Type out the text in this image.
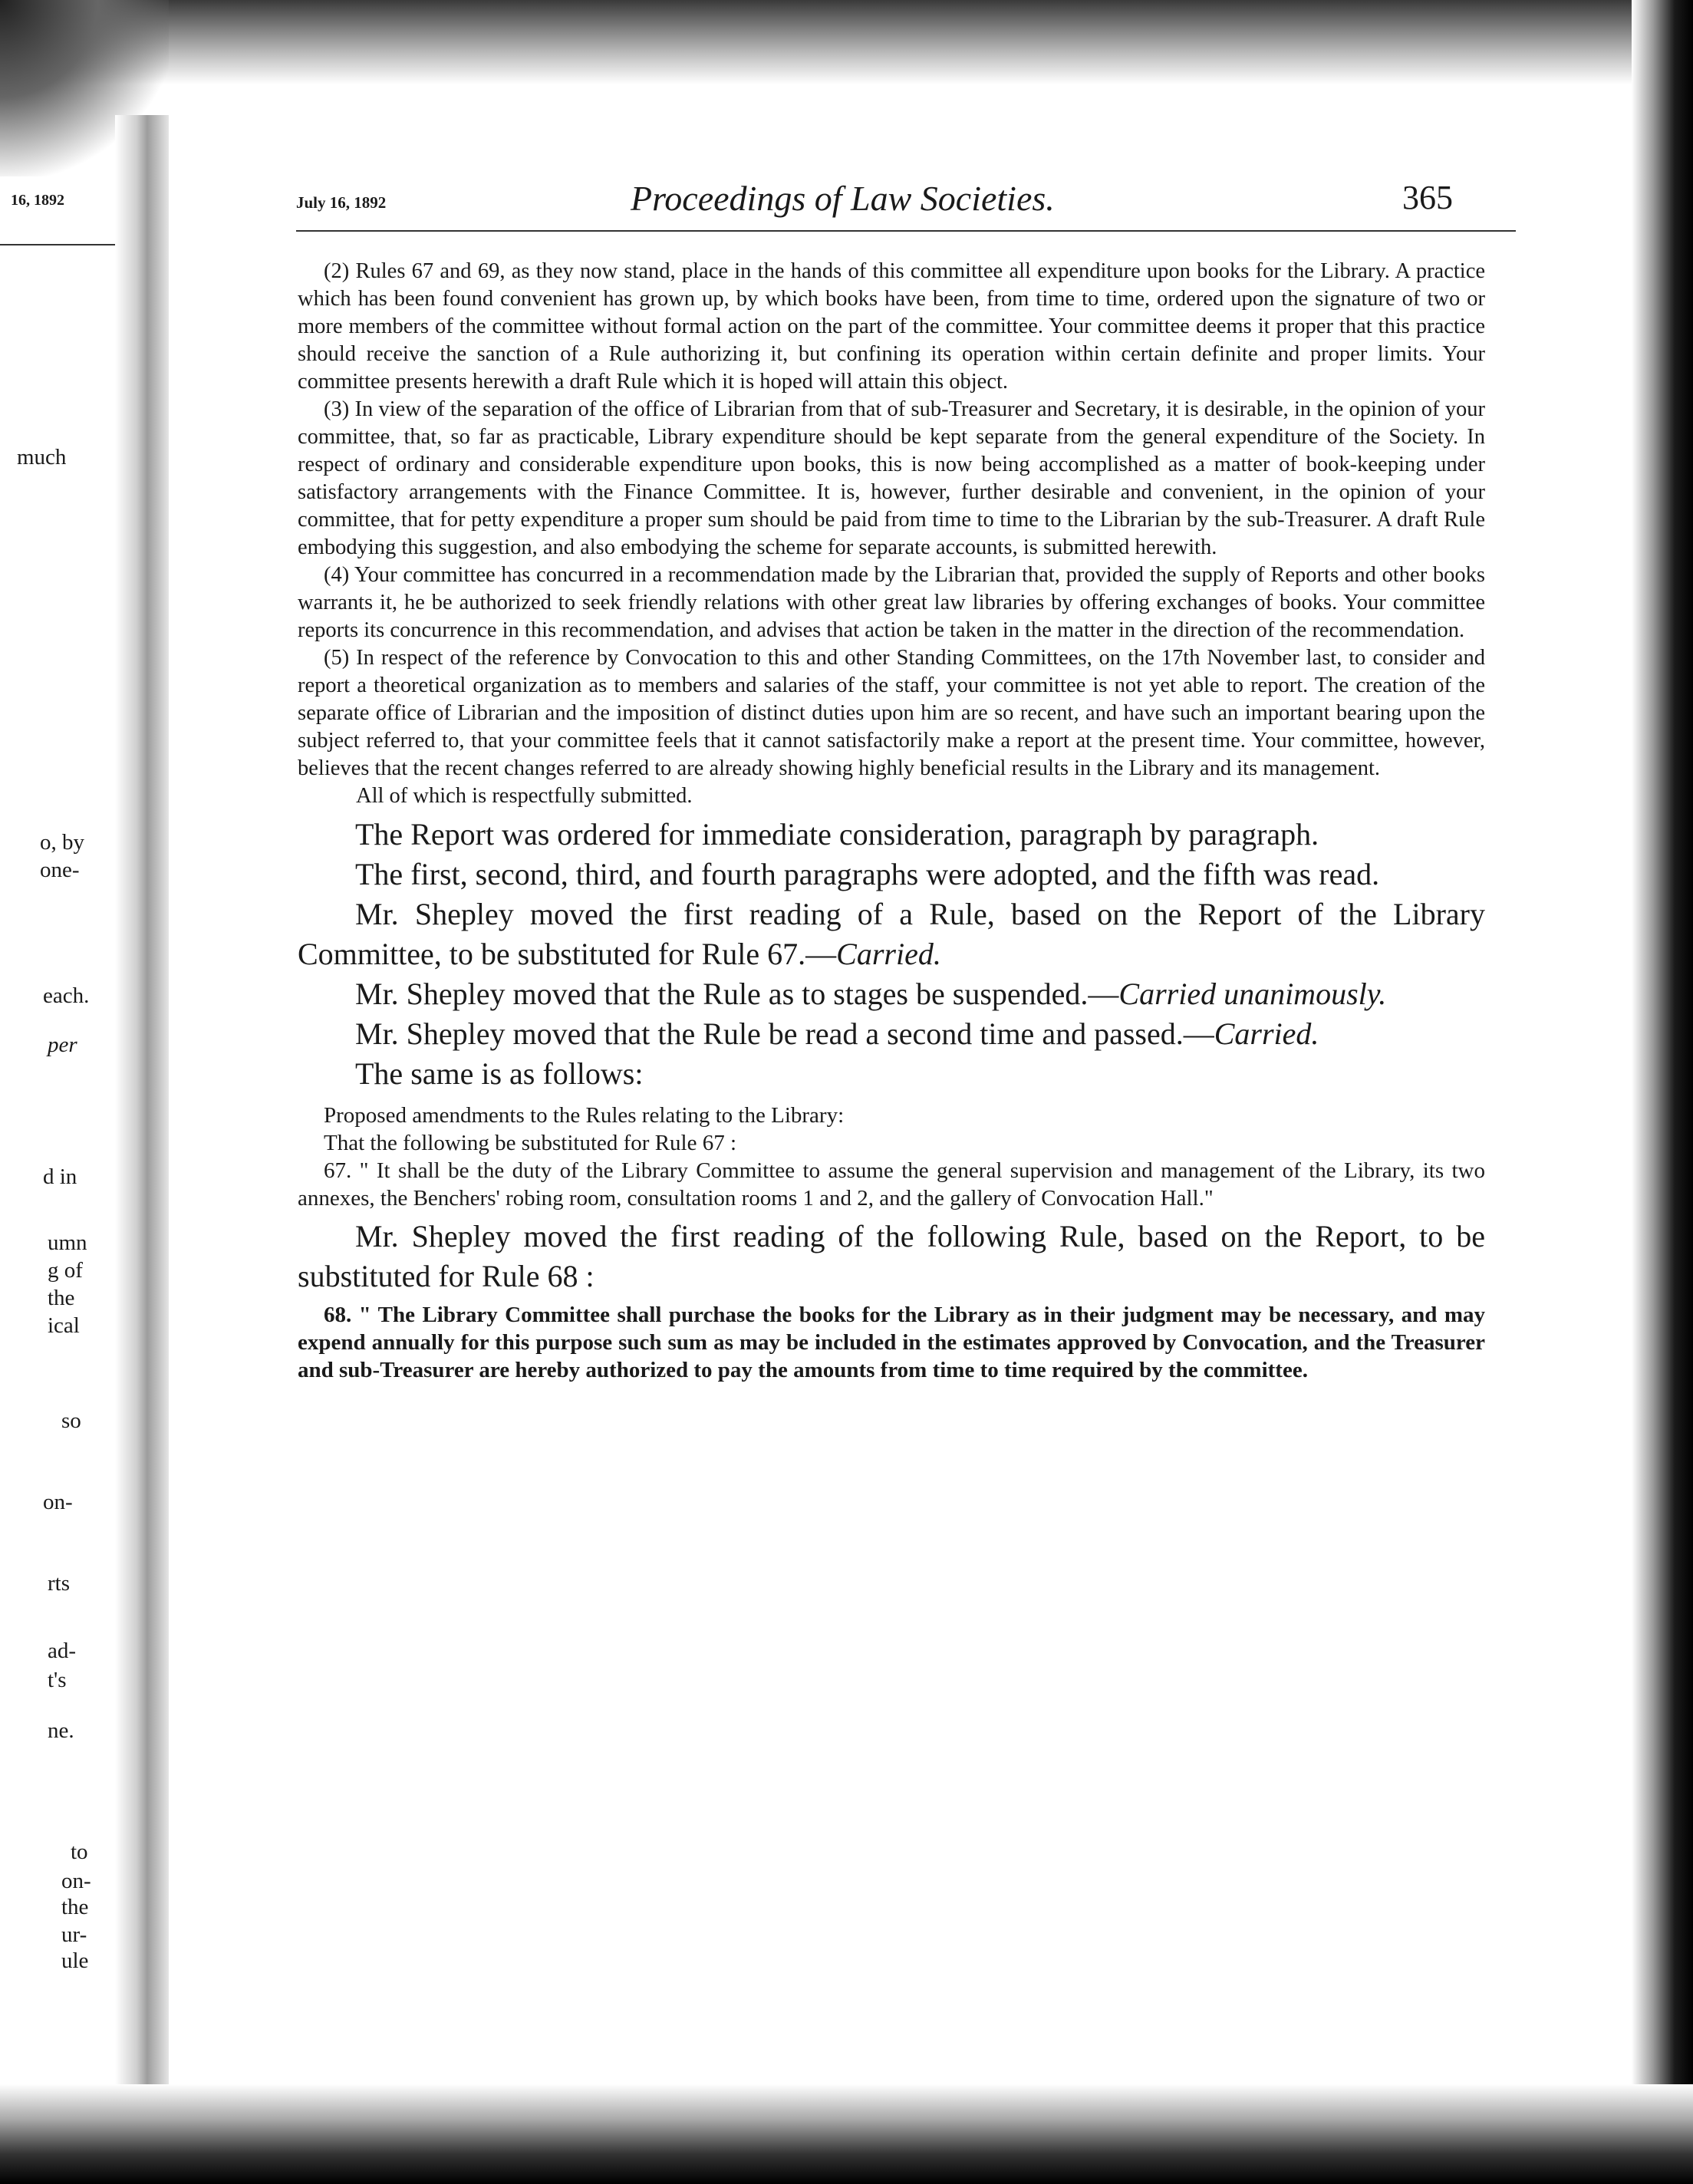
16, 1892
much
o, by
one-
each.
per
d in
umn
g of
the
ical
so
on-
rts
ad-
t's
ne.
to
on-
the
ur-
ule
July 16, 1892	Proceedings of Law Societies.	365

(2) Rules 67 and 69, as they now stand, place in the hands of this committee all expenditure upon books for the Library. A practice which has been found convenient has grown up, by which books have been, from time to time, ordered upon the signature of two or more members of the committee without formal action on the part of the committee. Your committee deems it proper that this practice should receive the sanction of a Rule authorizing it, but confining its operation within certain definite and proper limits. Your committee presents herewith a draft Rule which it is hoped will attain this object.

(3) In view of the separation of the office of Librarian from that of sub-Treasurer and Secretary, it is desirable, in the opinion of your committee, that, so far as practicable, Library expenditure should be kept separate from the general expenditure of the Society. In respect of ordinary and considerable expenditure upon books, this is now being accomplished as a matter of book-keeping under satisfactory arrangements with the Finance Committee. It is, however, further desirable and convenient, in the opinion of your committee, that for petty expenditure a proper sum should be paid from time to time to the Librarian by the sub-Treasurer. A draft Rule embodying this suggestion, and also embodying the scheme for separate accounts, is submitted herewith.

(4) Your committee has concurred in a recommendation made by the Librarian that, provided the supply of Reports and other books warrants it, he be authorized to seek friendly relations with other great law libraries by offering exchanges of books. Your committee reports its concurrence in this recommendation, and advises that action be taken in the matter in the direction of the recommendation.

(5) In respect of the reference by Convocation to this and other Standing Committees, on the 17th November last, to consider and report a theoretical organization as to members and salaries of the staff, your committee is not yet able to report. The creation of the separate office of Librarian and the imposition of distinct duties upon him are so recent, and have such an important bearing upon the subject referred to, that your committee feels that it cannot satisfactorily make a report at the present time. Your committee, however, believes that the recent changes referred to are already showing highly beneficial results in the Library and its management.

All of which is respectfully submitted.

The Report was ordered for immediate consideration, paragraph by paragraph.

The first, second, third, and fourth paragraphs were adopted, and the fifth was read.

Mr. Shepley moved the first reading of a Rule, based on the Report of the Library Committee, to be substituted for Rule 67.—Carried.

Mr. Shepley moved that the Rule as to stages be suspended.—Carried unanimously.

Mr. Shepley moved that the Rule be read a second time and passed.—Carried.

The same is as follows:

Proposed amendments to the Rules relating to the Library:

That the following be substituted for Rule 67 :

67. " It shall be the duty of the Library Committee to assume the general supervision and management of the Library, its two annexes, the Benchers' robing room, consultation rooms 1 and 2, and the gallery of Convocation Hall."

Mr. Shepley moved the first reading of the following Rule, based on the Report, to be substituted for Rule 68 :

68. " The Library Committee shall purchase the books for the Library as in their judgment may be necessary, and may expend annually for this purpose such sum as may be included in the estimates approved by Convocation, and the Treasurer and sub-Treasurer are hereby authorized to pay the amounts from time to time required by the committee.
